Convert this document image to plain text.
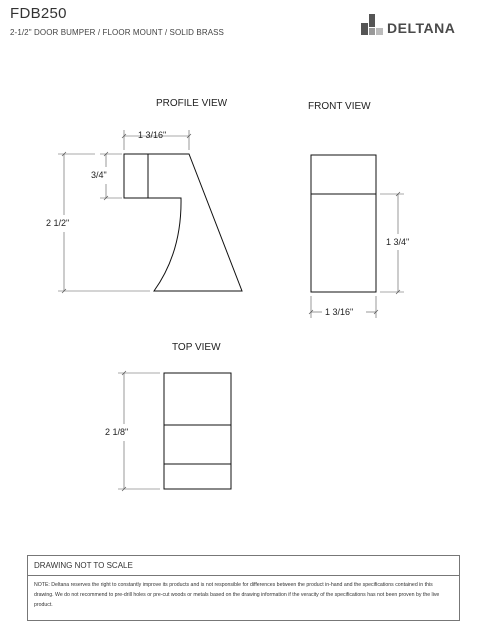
FDB250
2-1/2" DOOR BUMPER / FLOOR MOUNT / SOLID BRASS	DELTANA
PROFILE VIEW	FRONT VIEW
TOP VIEW
1 3/16"
3/4"
2 1/2"
1 3/4"
1 3/16"
2 1/8"
DRAWING NOT TO SCALE
NOTE: Deltana reserves the right to constantly improve its products and is not responsible for differences between the product in-hand and the specifications contained in this drawing. We do not recommend to pre-drill holes or pre-cut woods or metals based on the drawing information if the veracity of the specifications has not been proven by the live product.
